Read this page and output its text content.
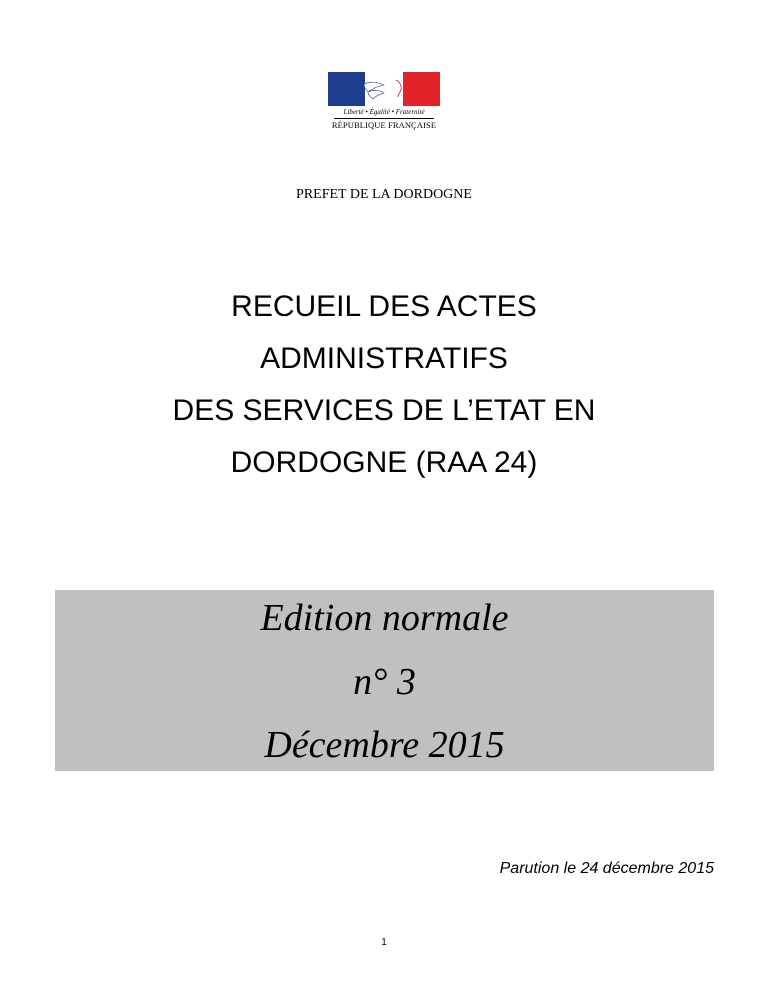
Liberté • Égalité • Fraternité
RÉPUBLIQUE FRANÇAISE
PREFET DE LA DORDOGNE
RECUEIL DES ACTES
ADMINISTRATIFS
DES SERVICES DE L’ETAT EN
DORDOGNE (RAA 24)
Edition normale
n° 3
Décembre 2015
Parution le 24 décembre 2015
1
